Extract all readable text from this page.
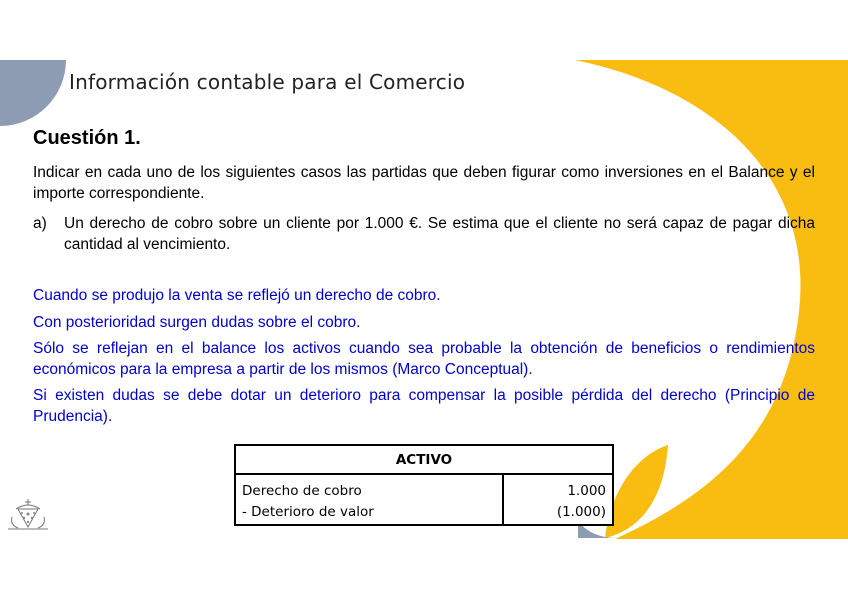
Información contable para el Comercio
Cuestión 1.
Indicar en cada uno de los siguientes casos las partidas que deben figurar como inversiones en el Balance y el importe correspondiente.
a)	Un derecho de cobro sobre un cliente por 1.000 €. Se estima que el cliente no será capaz de pagar dicha cantidad al vencimiento.
Cuando se produjo la venta se reflejó un derecho de cobro.
Con posterioridad surgen dudas sobre el cobro.
Sólo se reflejan en el balance los activos cuando sea probable la obtención de beneficios o rendimientos económicos para la empresa a partir de los mismos (Marco Conceptual).
Si existen dudas se debe dotar un deterioro para compensar la posible pérdida del derecho (Principio de Prudencia).
ACTIVO	
Derecho de cobro	1.000
- Deterioro de valor	(1.000)
